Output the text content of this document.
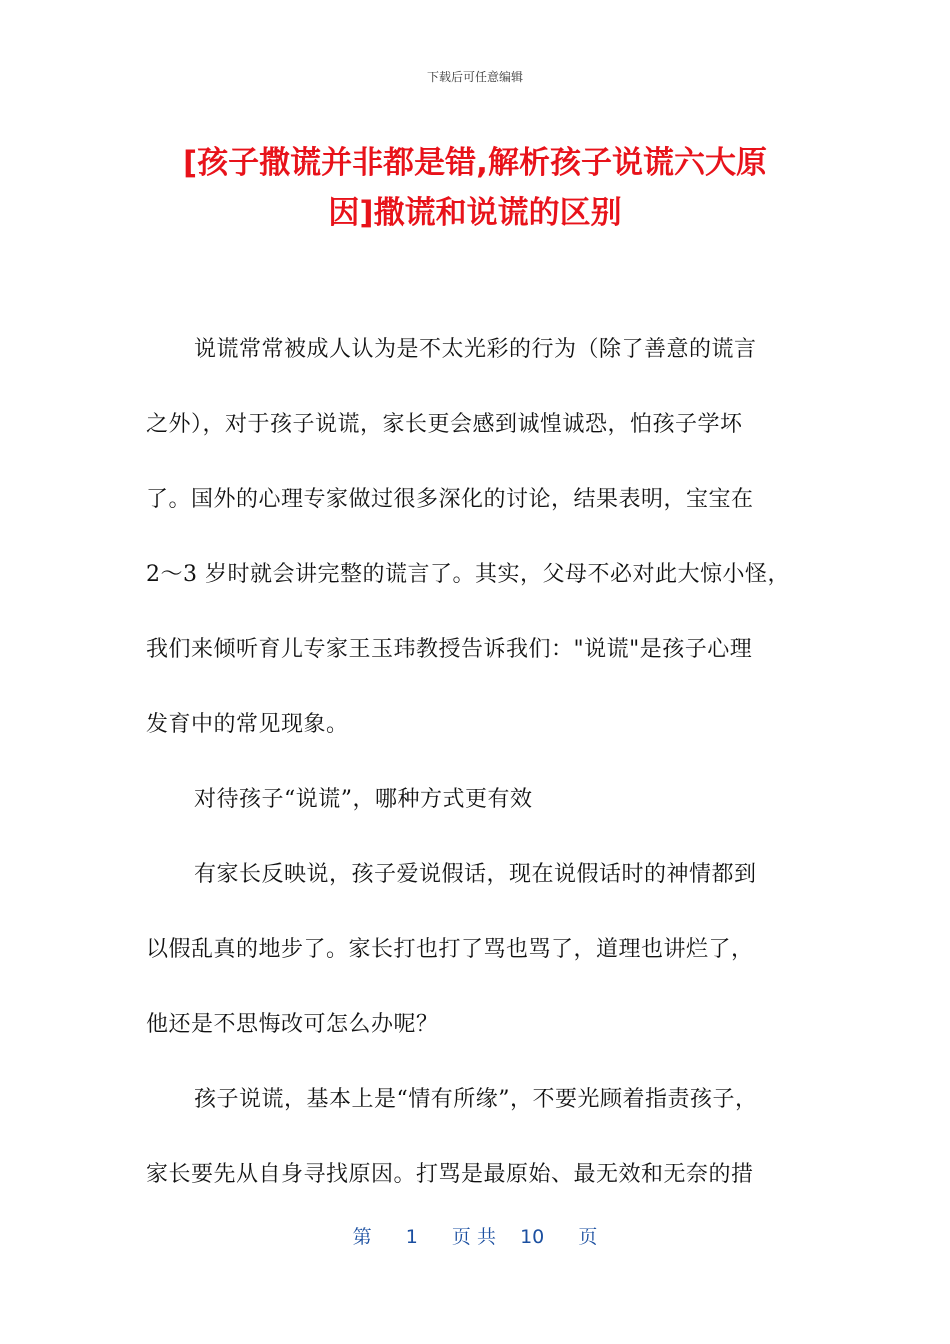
下载后可任意编辑
[孩子撒谎并非都是错,解析孩子说谎六大原
因]撒谎和说谎的区别
说谎常常被成人认为是不太光彩的行为（除了善意的谎言
之外），对于孩子说谎，家长更会感到诚惶诚恐，怕孩子学坏
了。国外的心理专家做过很多深化的讨论，结果表明，宝宝在
2～3 岁时就会讲完整的谎言了。其实，父母不必对此大惊小怪，
我们来倾听育儿专家王玉玮教授告诉我们："说谎"是孩子心理
发育中的常见现象。
对待孩子“说谎”，哪种方式更有效
有家长反映说，孩子爱说假话，现在说假话时的神情都到
以假乱真的地步了。家长打也打了骂也骂了，道理也讲烂了，
他还是不思悔改可怎么办呢？
孩子说谎，基本上是“情有所缘”，不要光顾着指责孩子，
家长要先从自身寻找原因。打骂是最原始、最无效和无奈的措
第 1 页 共 10 页
